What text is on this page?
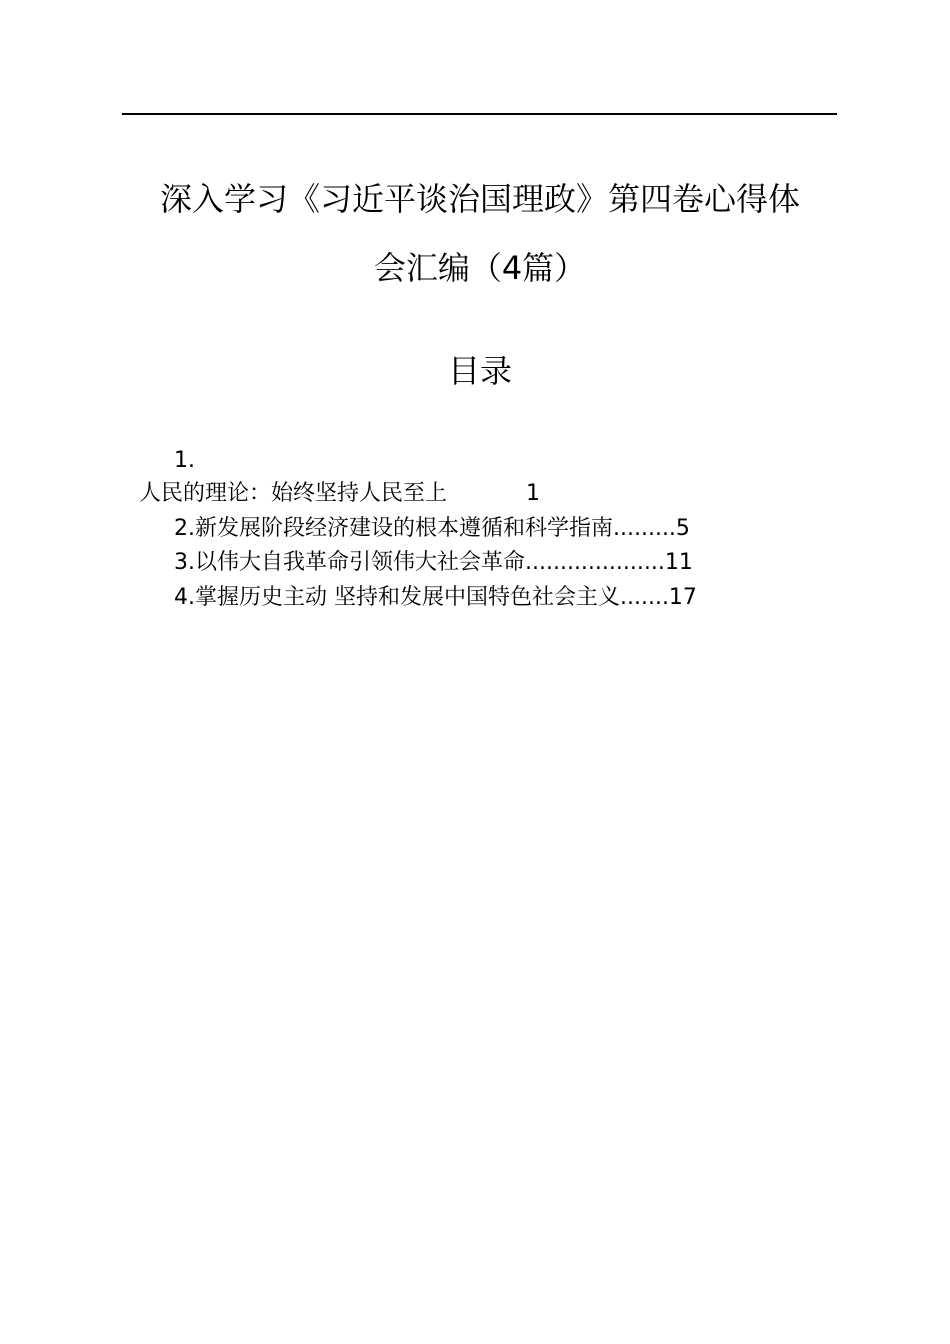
深入学习《习近平谈治国理政》第四卷心得体
会汇编（4篇）
目录
1.
人民的理论：始终坚持人民至上	1
2.新发展阶段经济建设的根本遵循和科学指南.........5
3.以伟大自我革命引领伟大社会革命....................11
4.掌握历史主动 坚持和发展中国特色社会主义.......17
